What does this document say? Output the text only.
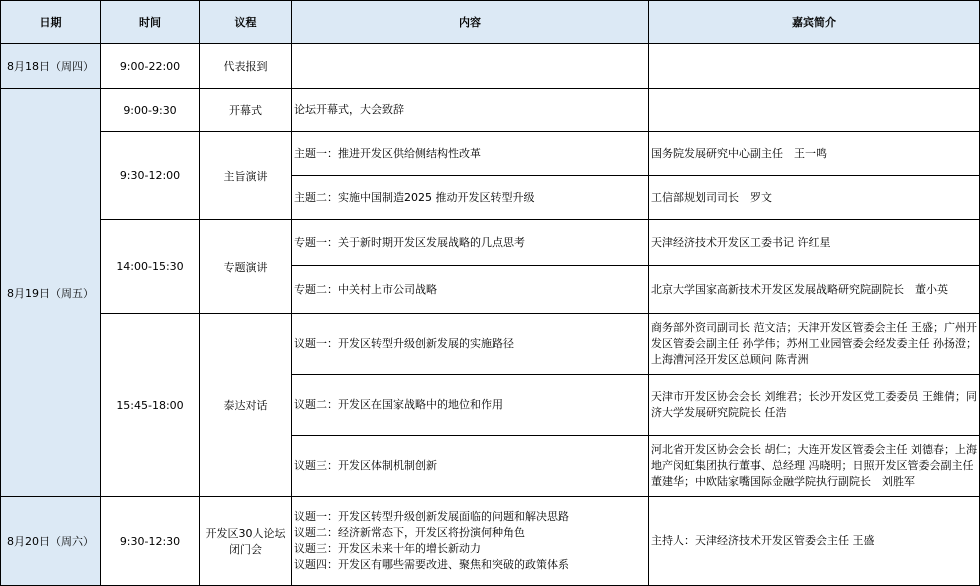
日期	时间	议程	内容	嘉宾简介
8月18日（周四）	9:00-22:00	代表报到		
8月19日（周五）	9:00-9:30	开幕式	论坛开幕式，大会致辞	
	9:30-12:00	主旨演讲	主题一：推进开发区供给侧结构性改革	国务院发展研究中心副主任　王一鸣
			主题二：实施中国制造2025 推动开发区转型升级	工信部规划司司长　罗文
	14:00-15:30	专题演讲	专题一：关于新时期开发区发展战略的几点思考	天津经济技术开发区工委书记 许红星
			专题二：中关村上市公司战略	北京大学国家高新技术开发区发展战略研究院副院长　董小英
	15:45-18:00	泰达对话	议题一：开发区转型升级创新发展的实施路径	商务部外资司副司长 范文洁；天津开发区管委会主任 王盛；广州开发区管委会副主任 孙学伟；苏州工业园管委会经发委主任 孙扬澄；上海漕河泾开发区总顾问 陈青洲
			议题二：开发区在国家战略中的地位和作用	天津市开发区协会会长 刘维君；长沙开发区党工委委员 王維倩；同济大学发展研究院院长 任浩
			议题三：开发区体制机制创新	河北省开发区协会会长 胡仁；大连开发区管委会主任 刘德春；上海地产闵虹集团执行董事、总经理 冯晓明；日照开发区管委会副主任 董建华；中欧陆家嘴国际金融学院执行副院长　刘胜军
8月20日（周六）	9:30-12:30	开发区30人论坛闭门会	议题一：开发区转型升级创新发展面临的问题和解决思路
议题二：经济新常态下，开发区将扮演何种角色
议题三：开发区未来十年的增长新动力
议题四：开发区有哪些需要改进、聚焦和突破的政策体系	主持人：天津经济技术开发区管委会主任 王盛
